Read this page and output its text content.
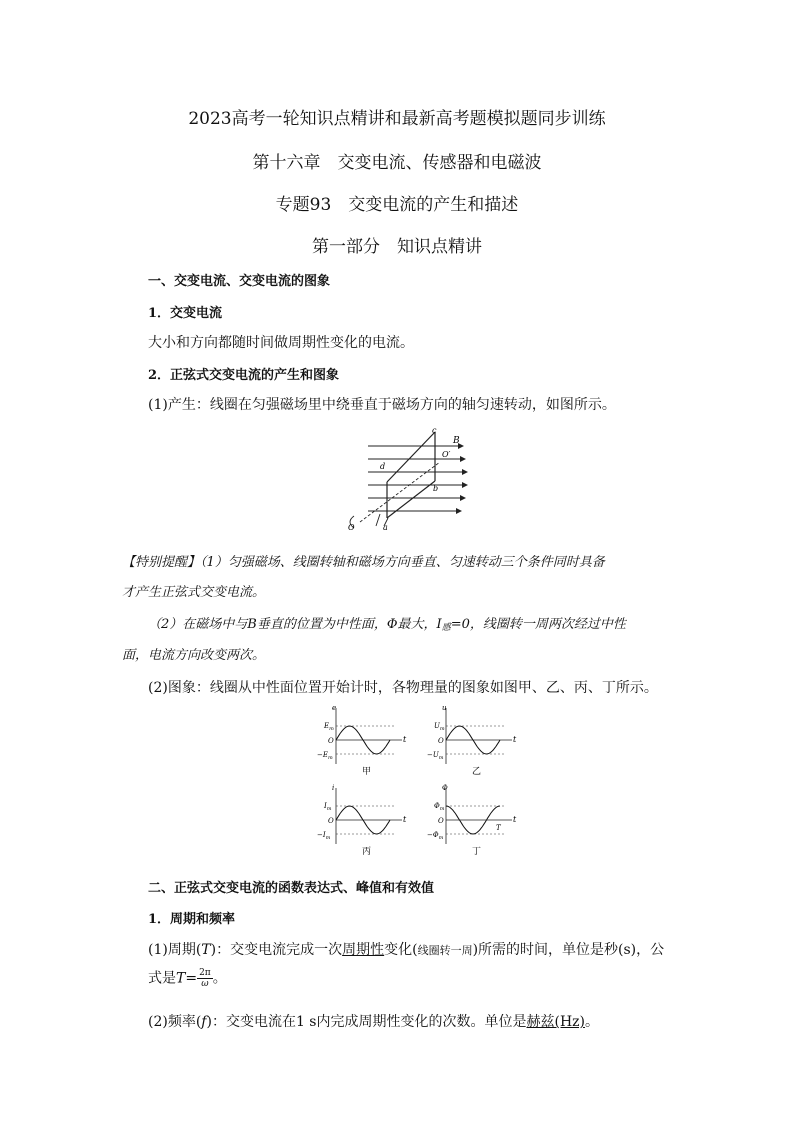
2023高考一轮知识点精讲和最新高考题模拟题同步训练
第十六章　交变电流、传感器和电磁波
专题93　交变电流的产生和描述
第一部分　知识点精讲
一、交变电流、交变电流的图象
1．交变电流
大小和方向都随时间做周期性变化的电流。
2．正弦式交变电流的产生和图象
(1)产生：线圈在匀强磁场里中绕垂直于磁场方向的轴匀速转动，如图所示。
c
B
O′
d
b
O	a
【特别提醒】（1）匀强磁场、线圈转轴和磁场方向垂直、匀速转动三个条件同时具备
才产生正弦式交变电流。
（2）在磁场中与B垂直的位置为中性面，Φ最大，$I_感=0$，线圈转一周两次经过中性
面，电流方向改变两次。
(2)图象：线圈从中性面位置开始计时，各物理量的图象如图甲、乙、丙、丁所示。
e
$E_m$
O
$-E_m$
t
甲
u
$U_m$
O
$-U_m$
t
乙
i
$I_m$
O
$-I_m$
t
丙
Φ
$\Phi_m$
O
$-\Phi_m$
t
T
丁
二、正弦式交变电流的函数表达式、峰值和有效值
1．周期和频率
(1)周期(T)：交变电流完成一次周期性变化(线圈转一周)所需的时间，单位是秒(s)，公
式是$T= \frac{2\pi}{\omega}$ 。
(2)频率(f)：交变电流在1 s内完成周期性变化的次数。单位是赫兹(Hz)。
